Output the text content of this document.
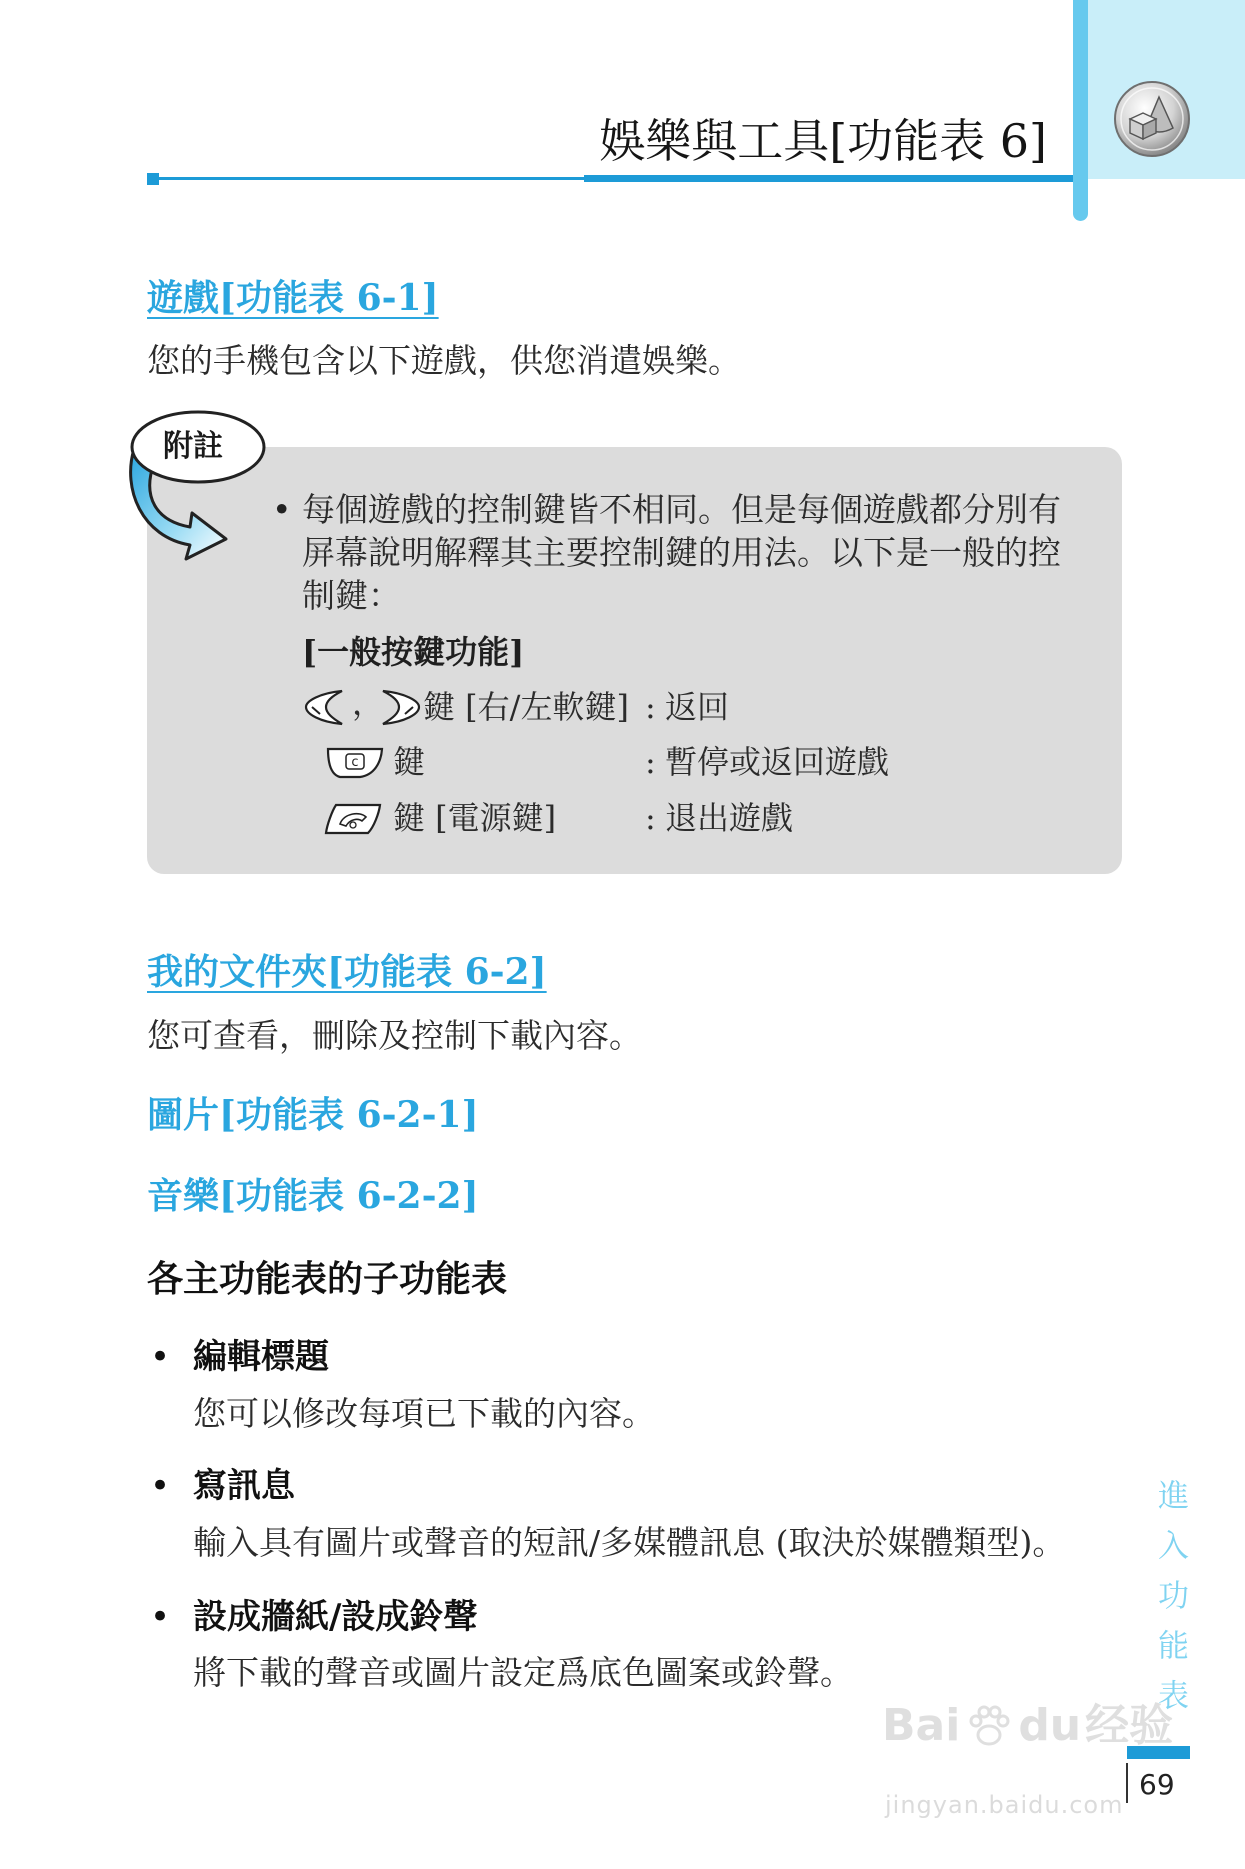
娛樂與工具[功能表 6]
遊戲[功能表 6-1]

您的手機包含以下遊戲，供您消遣娛樂。

附註
• 每個遊戲的控制鍵皆不相同。但是每個遊戲都分別有
屏幕說明解釋其主要控制鍵的用法。以下是一般的控
制鍵：
[一般按鍵功能]
， 鍵 [右/左軟鍵] : 返回
c 鍵	: 暫停或返回遊戲
鍵 [電源鍵]	: 退出遊戲
我的文件夾[功能表 6-2]

您可查看，刪除及控制下載內容。

圖片[功能表 6-2-1]
音樂[功能表 6-2-2]
各主功能表的子功能表
• 編輯標題
您可以修改每項已下載的內容。
• 寫訊息
輸入具有圖片或聲音的短訊/多媒體訊息 (取決於媒體類型)。
• 設成牆紙/設成鈴聲
將下載的聲音或圖片設定爲底色圖案或鈴聲。	進入功能表
69
Bai du 经验
jingyan.baidu.com
